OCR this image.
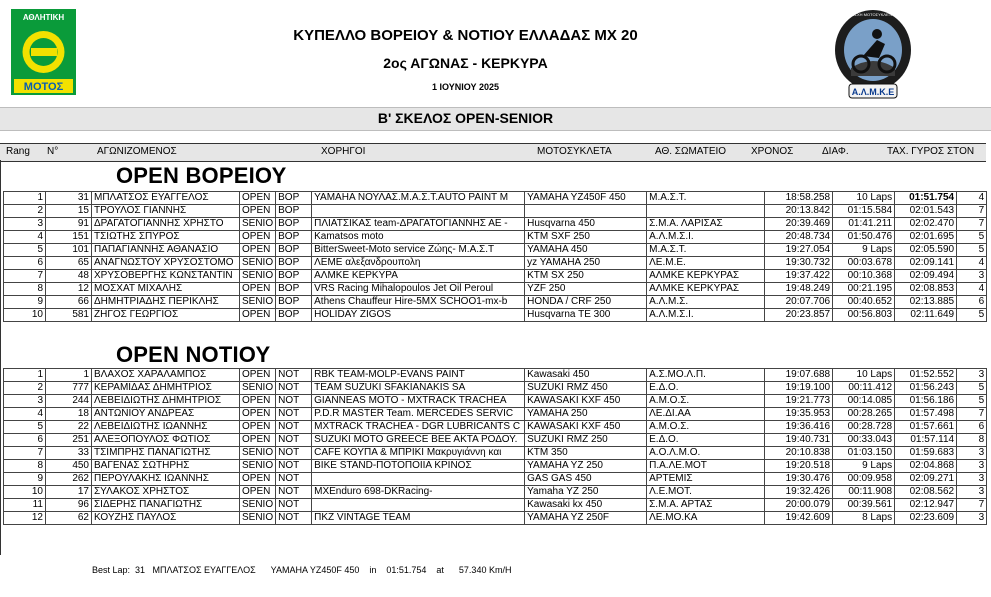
ΑΘΛΗΤΙΚΗ
ΜΟΤΟΣ
ΑΘΛΗΤΙΚΗ ΛΕΣΧΗ ΜΟΤΟΣΥΚΛΕΤΑΣ ΚΕΡΚΥΡΑΣ
Α.Λ.Μ.Κ.Ε
ΚΥΠΕΛΛΟ ΒΟΡΕΙΟΥ & ΝΟΤΙΟΥ ΕΛΛΑΔΑΣ MX 20
2ος ΑΓΩΝΑΣ - ΚΕΡΚΥΡΑ
1 ΙΟΥΝΙΟΥ 2025
Β' ΣΚΕΛΟΣ OPEN-SENIOR
Rang N°	ΑΓΩΝΙΖΟΜΕΝΟΣ	ΧΟΡΗΓΟΙ	ΜΟΤΟΣΥΚΛΕΤΑ	ΑΘ. ΣΩΜΑΤΕΙΟ ΧΡΟΝΟΣ	ΔΙΑΦ.	ΤΑΧ. ΓΥΡΟΣ ΣΤΟΝ
OPEN ΒΟΡΕΙΟΥ
1	31	ΜΠΛΑΤΣΟΣ ΕΥΑΓΓΕΛΟΣ	OPEN	ΒΟΡ	YAMAHA ΝΟΥΛΑΣ.Μ.Α.Σ.Τ.AUTO PAINT M	YAMAHA YZ450F 450	Μ.Α.Σ.Τ.	18:58.258	10 Laps	01:51.754	4
2	15	ΤΡΟΥΛΟΣ ΓΙΑΝΝΗΣ	OPEN	ΒΟΡ				20:13.842	01:15.584	02:01.543	7
3	91	ΔΡΑΓΑΤΟΓΙΑΝΝΗΣ ΧΡΗΣΤΟ	SENIO	ΒΟΡ	ΠΛΙΑΤΣΙΚΑΣ team-ΔΡΑΓΑΤΟΓΙΑΝΝΗΣ ΑΕ -	Husqvarna 450	Σ.Μ.Α. ΛΑΡΙΣΑΣ	20:39.469	01:41.211	02:02.470	7
4	151	ΤΣΙΩΤΗΣ ΣΠΥΡΟΣ	OPEN	ΒΟΡ	Kamatsos moto	KTM SXF 250	Α.Λ.Μ.Σ.Ι.	20:48.734	01:50.476	02:01.695	5
5	101	ΠΑΠΑΓΙΑΝΝΗΣ ΑΘΑΝΑΣΙΟ	OPEN	ΒΟΡ	BitterSweet-Moto service Ζώης- Μ.Α.Σ.Τ	YAMAHA 450	Μ.Α.Σ.Τ.	19:27.054	9 Laps	02:05.590	5
6	65	ΑΝΑΓΝΩΣΤΟΥ ΧΡΥΣΟΣΤΟΜΟ	SENIO	ΒΟΡ	ΛΕΜΕ αλεξανδρουπολη	yz YAMAHA 250	ΛΕ.Μ.Ε.	19:30.732	00:03.678	02:09.141	4
7	48	ΧΡΥΣΟΒΕΡΓΗΣ ΚΩΝΣΤΑΝΤΙΝ	SENIO	ΒΟΡ	ΑΛΜΚΕ ΚΕΡΚΥΡΑ	KTM SX 250	ΑΛΜΚΕ ΚΕΡΚΥΡΑΣ	19:37.422	00:10.368	02:09.494	3
8	12	ΜΟΣΧΑΤ ΜΙΧΑΛΗΣ	OPEN	ΒΟΡ	VRS Racing Mihalopoulos Jet Oil Peroul	YZF 250	ΑΛΜΚΕ ΚΕΡΚΥΡΑΣ	19:48.249	00:21.195	02:08.853	4
9	66	ΔΗΜΗΤΡΙΑΔΗΣ ΠΕΡΙΚΛΗΣ	SENIO	ΒΟΡ	Athens Chauffeur Hire-5MX SCHOO1-mx-b	HONDA / CRF 250	Α.Λ.Μ.Σ.	20:07.706	00:40.652	02:13.885	6
10	581	ΖΗΓΟΣ ΓΕΩΡΓΙΟΣ	OPEN	ΒΟΡ	HOLIDAY ZIGOS	Husqvarna TE 300	Α.Λ.Μ.Σ.Ι.	20:23.857	00:56.803	02:11.649	5
OPEN ΝΟΤΙΟΥ
1	1	ΒΛΑΧΟΣ ΧΑΡΑΛΑΜΠΟΣ	OPEN	ΝΟΤ	RBK TEAM-MOLP-EVANS PAINT	Kawasaki 450	Α.Σ.ΜΟ.Λ.Π.	19:07.688	10 Laps	01:52.552	3
2	777	ΚΕΡΑΜΙΔΑΣ ΔΗΜΗΤΡΙΟΣ	SENIO	ΝΟΤ	TEAM SUZUKI SFAKIANAKIS SA	SUZUKI RMZ 450	Ε.Δ.Ο.	19:19.100	00:11.412	01:56.243	5
3	244	ΛΕΒΕΙΔΙΩΤΗΣ ΔΗΜΗΤΡΙΟΣ	OPEN	ΝΟΤ	GIANNEAS MOTO - MXTRACK TRACHEA	KAWASAKI KXF 450	Α.Μ.Ο.Σ.	19:21.773	00:14.085	01:56.186	5
4	18	ΑΝΤΩΝΙΟΥ ΑΝΔΡΕΑΣ	OPEN	ΝΟΤ	P.D.R MASTER Team. MERCEDES SERVIC	YAMAHA 250	ΛΕ.ΔΙ.ΑΑ	19:35.953	00:28.265	01:57.498	7
5	22	ΛΕΒΕΙΔΙΩΤΗΣ ΙΩΑΝΝΗΣ	OPEN	ΝΟΤ	MXTRACK TRACHEA - DGR LUBRICANTS C	KAWASAKI KXF 450	Α.Μ.Ο.Σ.	19:36.416	00:28.728	01:57.661	6
6	251	ΑΛΕΞΟΠΟΥΛΟΣ ΦΩΤΙΟΣ	OPEN	ΝΟΤ	SUZUKI MOTO GREECE BEE AKTA ΡΟΔΟΥ.	SUZUKI RMZ 250	Ε.Δ.Ο.	19:40.731	00:33.043	01:57.114	8
7	33	ΤΣΙΜΠΡΗΣ ΠΑΝΑΓΙΩΤΗΣ	SENIO	ΝΟΤ	CAFE ΚΟΥΠΑ & ΜΠΡΙΚΙ Μακρυγιάννη και	KTM 350	Α.Ο.Λ.Μ.Ο.	20:10.838	01:03.150	01:59.683	3
8	450	ΒΑΓΕΝΑΣ ΣΩΤΗΡΗΣ	SENIO	ΝΟΤ	BIKE STAND-ΠΟΤΟΠΟΙΙΑ ΚΡΙΝΟΣ	YAMAHA YZ 250	Π.Α.ΛΕ.ΜΟΤ	19:20.518	9 Laps	02:04.868	3
9	262	ΠΕΡΟΥΛΑΚΗΣ ΙΩΑΝΝΗΣ	OPEN	ΝΟΤ		GAS GAS 450	ΑΡΤΕΜΙΣ	19:30.476	00:09.958	02:09.271	3
10	17	ΣΥΛΑΚΟΣ ΧΡΗΣΤΟΣ	OPEN	ΝΟΤ	MXEnduro 698-DKRacing-	Yamaha YZ 250	Λ.Ε.ΜΟΤ.	19:32.426	00:11.908	02:08.562	3
11	96	ΣΙΔΕΡΗΣ ΠΑΝΑΓΙΩΤΗΣ	SENIO	ΝΟΤ		Kawasaki kx 450	Σ.Μ.Α. ΑΡΤΑΣ	20:00.079	00:39.561	02:12.947	7
12	62	ΚΟΥΖΗΣ ΠΑΥΛΟΣ	SENIO	ΝΟΤ	ΠΚΖ VINTAGE TEAM	YAMAHA YZ 250F	ΛΕ.ΜΟ.ΚΑ	19:42.609	8 Laps	02:23.609	3
Best Lap:  31   ΜΠΛΑΤΣΟΣ ΕΥΑΓΓΕΛΟΣ      YAMAHA YZ450F 450    in    01:51.754    at      57.340 Km/H
